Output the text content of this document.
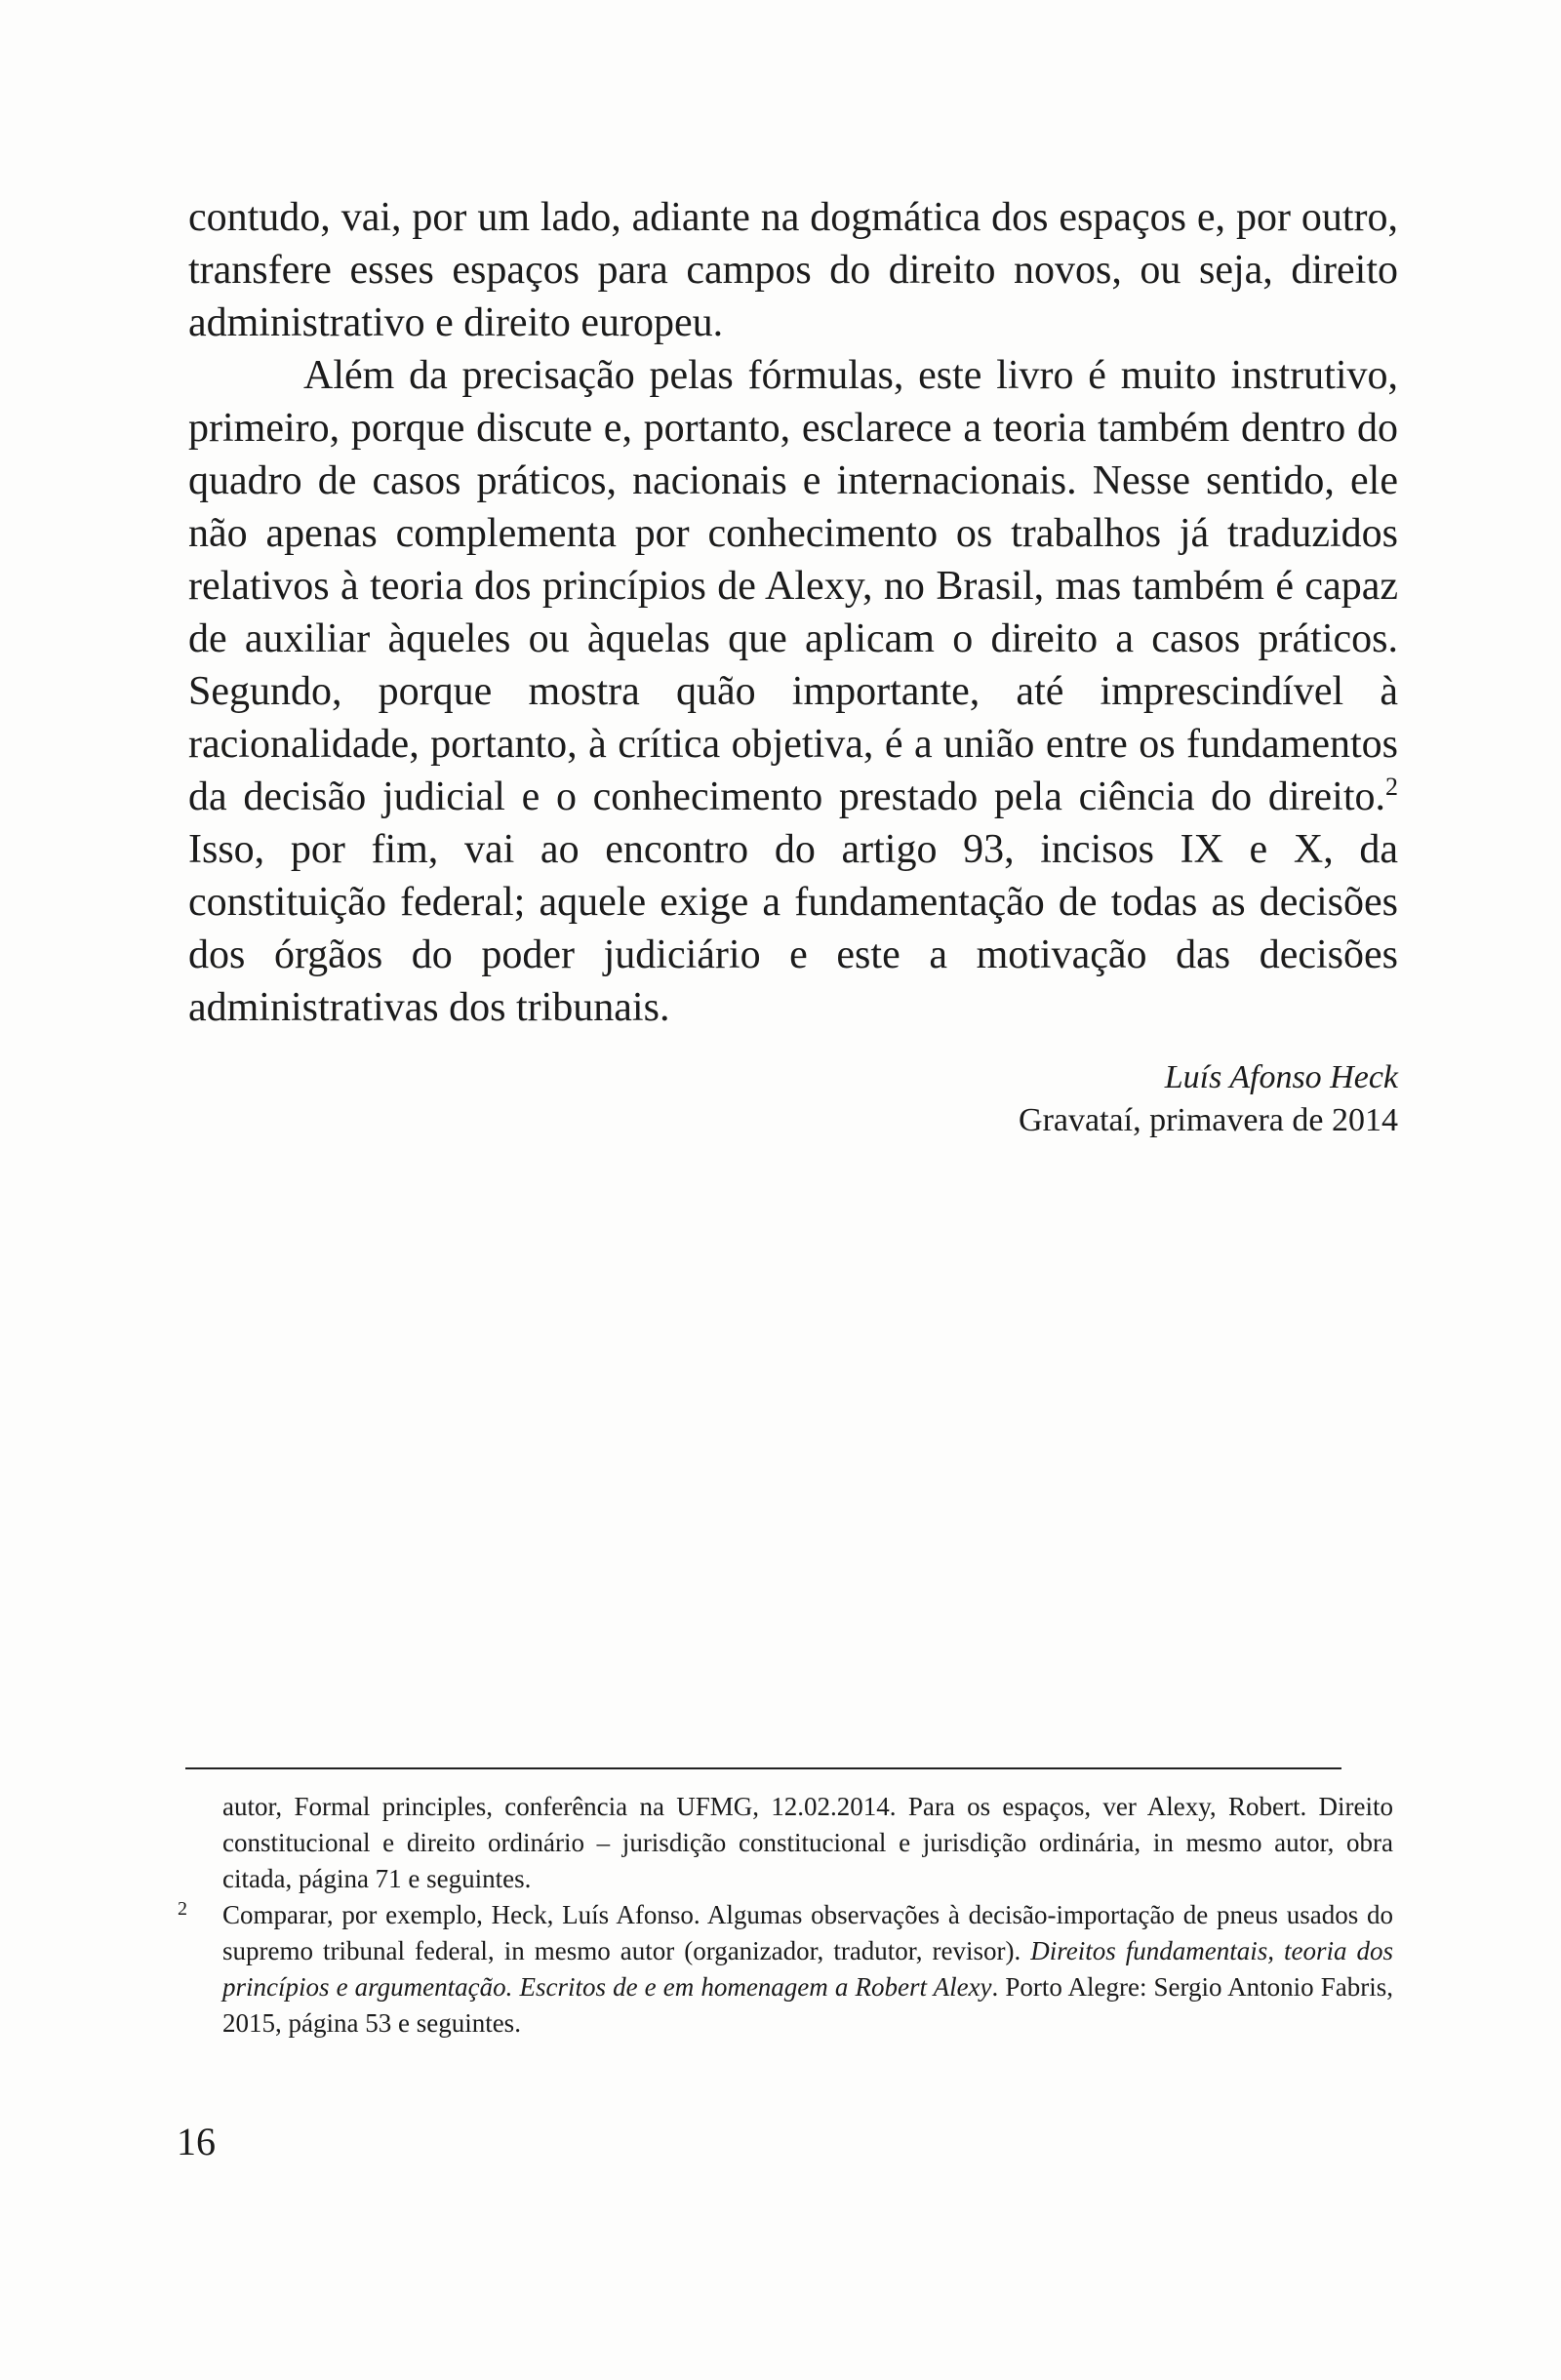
contudo, vai, por um lado, adiante na dogmática dos espaços e, por outro, transfere esses espaços para campos do direito novos, ou seja, direito administrativo e direito europeu.

Além da precisação pelas fórmulas, este livro é muito instrutivo, primeiro, porque discute e, portanto, esclarece a teoria também dentro do quadro de casos práticos, nacionais e internacionais. Nesse sentido, ele não apenas complementa por conhecimento os trabalhos já traduzidos relativos à teoria dos princípios de Alexy, no Brasil, mas também é capaz de auxiliar àqueles ou àquelas que aplicam o direito a casos práticos. Segundo, porque mostra quão importante, até imprescindível à racionalidade, portanto, à crítica objetiva, é a união entre os fundamentos da decisão judicial e o conhecimento prestado pela ciência do direito.$^2$ Isso, por fim, vai ao encontro do artigo 93, incisos IX e X, da constituição federal; aquele exige a fundamentação de todas as decisões dos órgãos do poder judiciário e este a motivação das decisões administrativas dos tribunais.

Luís Afonso Heck
Gravataí, primavera de 2014

autor, Formal principles, conferência na UFMG, 12.02.2014. Para os espaços, ver Alexy, Robert. Direito constitucional e direito ordinário – jurisdição constitucional e jurisdição ordinária, in mesmo autor, obra citada, página 71 e seguintes.

2 Comparar, por exemplo, Heck, Luís Afonso. Algumas observações à decisão-importação de pneus usados do supremo tribunal federal, in mesmo autor (organizador, tradutor, revisor). Direitos fundamentais, teoria dos princípios e argumentação. Escritos de e em homenagem a Robert Alexy. Porto Alegre: Sergio Antonio Fabris, 2015, página 53 e seguintes.

16
